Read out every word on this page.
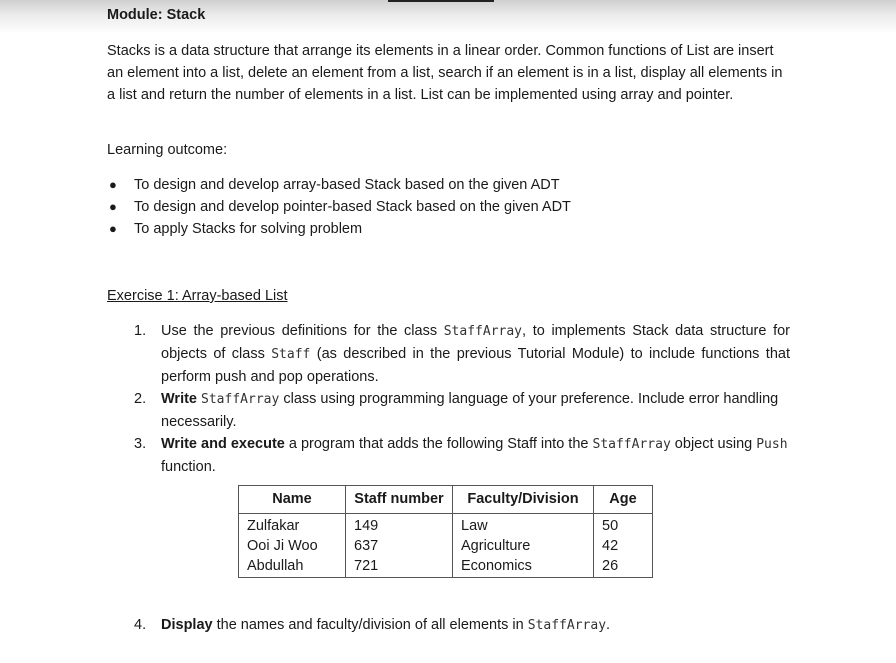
Module: Stack

Stacks is a data structure that arrange its elements in a linear order. Common functions of List are insert an element into a list, delete an element from a list, search if an element is in a list, display all elements in a list and return the number of elements in a list. List can be implemented using array and pointer.

Learning outcome:

● To design and develop array-based Stack based on the given ADT
● To design and develop pointer-based Stack based on the given ADT
● To apply Stacks for solving problem
Exercise 1: Array-based List
1. Use the previous definitions for the class StaffArray, to implements Stack data structure for objects of class Staff (as described in the previous Tutorial Module) to include functions that perform push and pop operations.
2. Write StaffArray class using programming language of your preference. Include error handling necessarily.
3. Write and execute a program that adds the following Staff into the StaffArray object using Push function.
Name	Staff number	Faculty/Division	Age
Zulfakar	149	Law	50
Ooi Ji Woo	637	Agriculture	42
Abdullah	721	Economics	26
4. Display the names and faculty/division of all elements in StaffArray.
